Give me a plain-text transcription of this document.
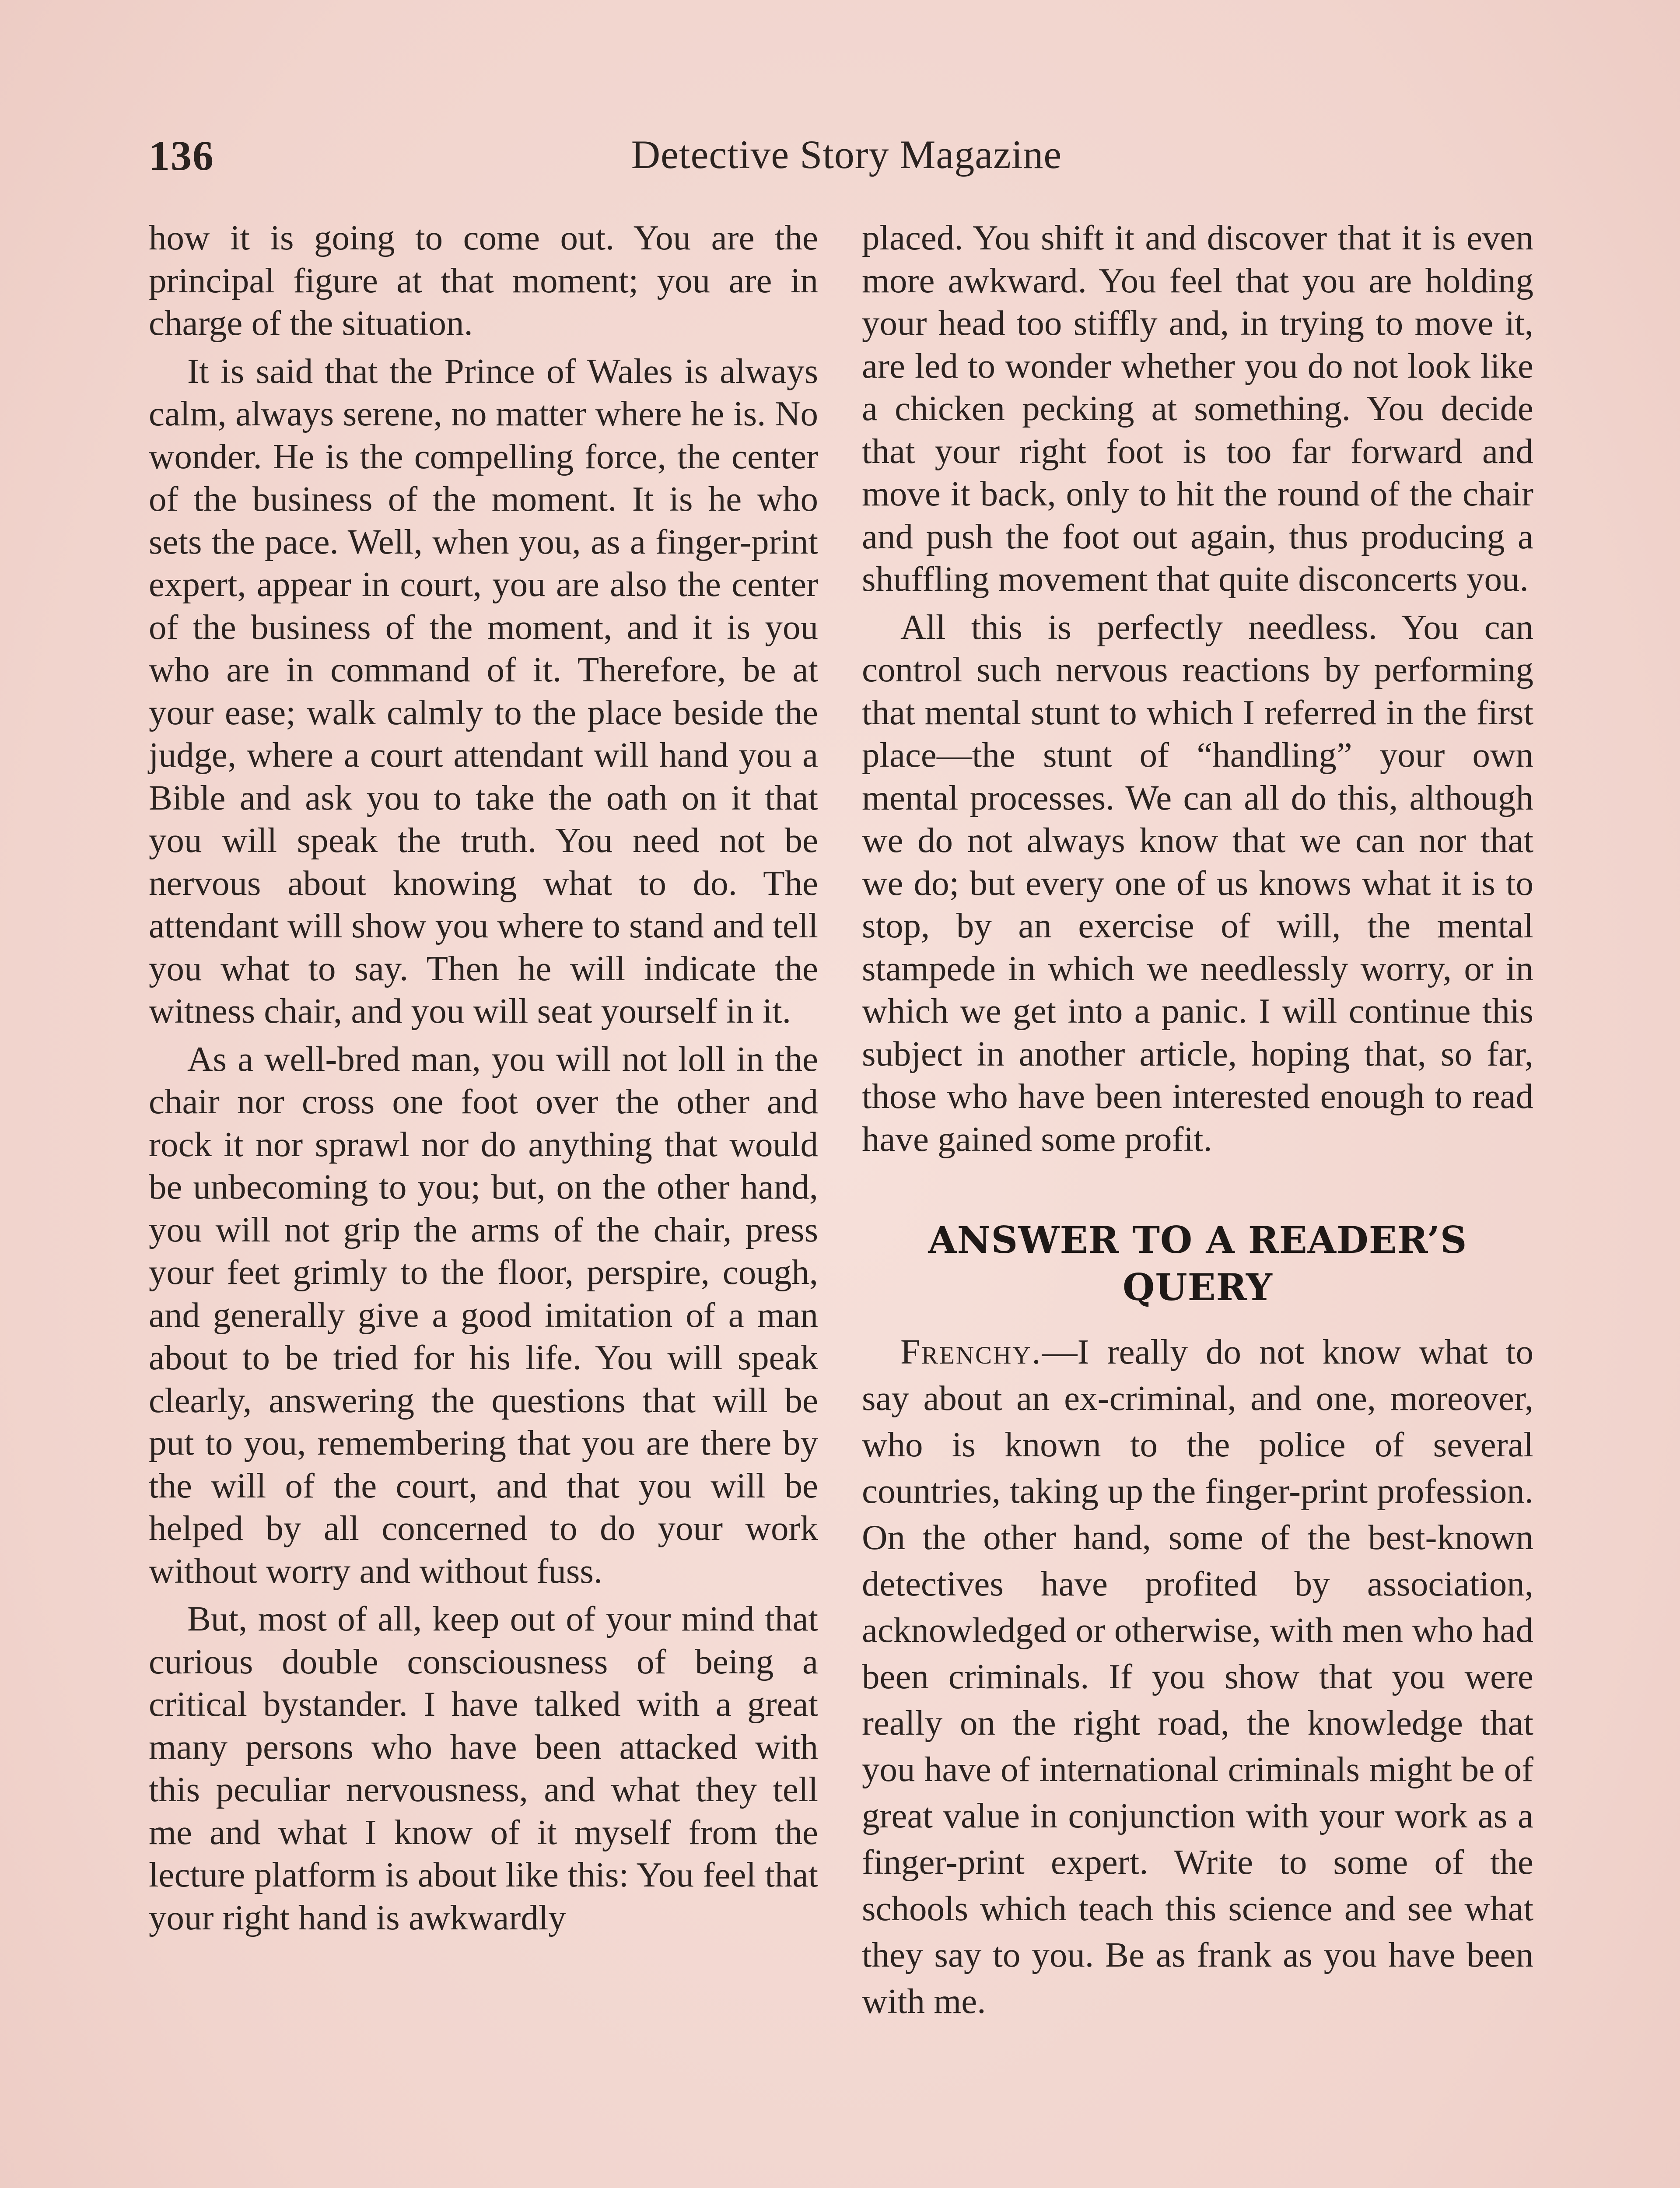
136	Detective Story Magazine

how it is going to come out. You are the principal figure at that moment; you are in charge of the situation.

It is said that the Prince of Wales is always calm, always serene, no matter where he is. No wonder. He is the compelling force, the center of the business of the moment. It is he who sets the pace. Well, when you, as a finger-print expert, appear in court, you are also the center of the business of the moment, and it is you who are in command of it. Therefore, be at your ease; walk calmly to the place beside the judge, where a court attendant will hand you a Bible and ask you to take the oath on it that you will speak the truth. You need not be nervous about knowing what to do. The attendant will show you where to stand and tell you what to say. Then he will indicate the witness chair, and you will seat yourself in it.

As a well-bred man, you will not loll in the chair nor cross one foot over the other and rock it nor sprawl nor do anything that would be unbecoming to you; but, on the other hand, you will not grip the arms of the chair, press your feet grimly to the floor, perspire, cough, and generally give a good imitation of a man about to be tried for his life. You will speak clearly, answering the questions that will be put to you, remembering that you are there by the will of the court, and that you will be helped by all concerned to do your work without worry and without fuss.

But, most of all, keep out of your mind that curious double consciousness of being a critical bystander. I have talked with a great many persons who have been attacked with this peculiar nervousness, and what they tell me and what I know of it myself from the lecture platform is about like this: You feel that your right hand is awkwardly

placed. You shift it and discover that it is even more awkward. You feel that you are holding your head too stiffly and, in trying to move it, are led to wonder whether you do not look like a chicken pecking at something. You decide that your right foot is too far forward and move it back, only to hit the round of the chair and push the foot out again, thus producing a shuffling movement that quite disconcerts you.

All this is perfectly needless. You can control such nervous reactions by performing that mental stunt to which I referred in the first place—the stunt of “handling” your own mental processes. We can all do this, although we do not always know that we can nor that we do; but every one of us knows what it is to stop, by an exercise of will, the mental stampede in which we needlessly worry, or in which we get into a panic. I will continue this subject in another article, hoping that, so far, those who have been interested enough to read have gained some profit.

ANSWER TO A READER’S
QUERY

Frenchy.—I really do not know what to say about an ex-criminal, and one, moreover, who is known to the police of several countries, taking up the finger-print profession. On the other hand, some of the best-known detectives have profited by association, acknowledged or otherwise, with men who had been criminals. If you show that you were really on the right road, the knowledge that you have of international criminals might be of great value in conjunction with your work as a finger-print expert. Write to some of the schools which teach this science and see what they say to you. Be as frank as you have been with me.
